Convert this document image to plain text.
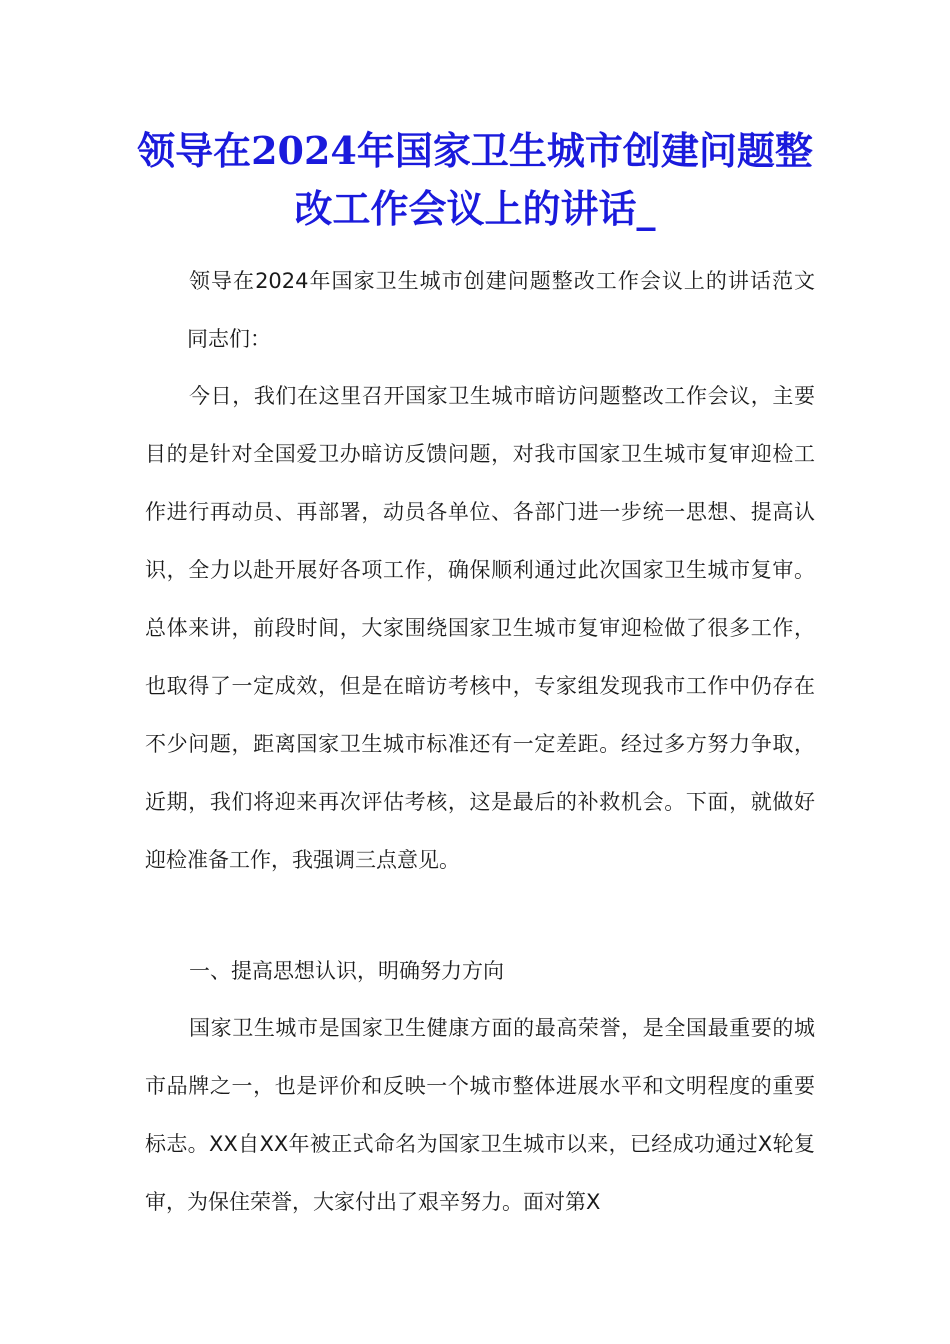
领导在2024年国家卫生城市创建问题整改工作会议上的讲话_

领导在2024年国家卫生城市创建问题整改工作会议上的讲话范文同志们：

今日，我们在这里召开国家卫生城市暗访问题整改工作会议，主要目的是针对全国爱卫办暗访反馈问题，对我市国家卫生城市复审迎检工作进行再动员、再部署，动员各单位、各部门进一步统一思想、提高认识，全力以赴开展好各项工作，确保顺利通过此次国家卫生城市复审。总体来讲，前段时间，大家围绕国家卫生城市复审迎检做了很多工作，也取得了一定成效，但是在暗访考核中，专家组发现我市工作中仍存在不少问题，距离国家卫生城市标准还有一定差距。经过多方努力争取，近期，我们将迎来再次评估考核，这是最后的补救机会。下面，就做好迎检准备工作，我强调三点意见。

一、提高思想认识，明确努力方向

国家卫生城市是国家卫生健康方面的最高荣誉，是全国最重要的城市品牌之一，也是评价和反映一个城市整体进展水平和文明程度的重要标志。XX自XX年被正式命名为国家卫生城市以来，已经成功通过X轮复审，为保住荣誉，大家付出了艰辛努力。面对第X
